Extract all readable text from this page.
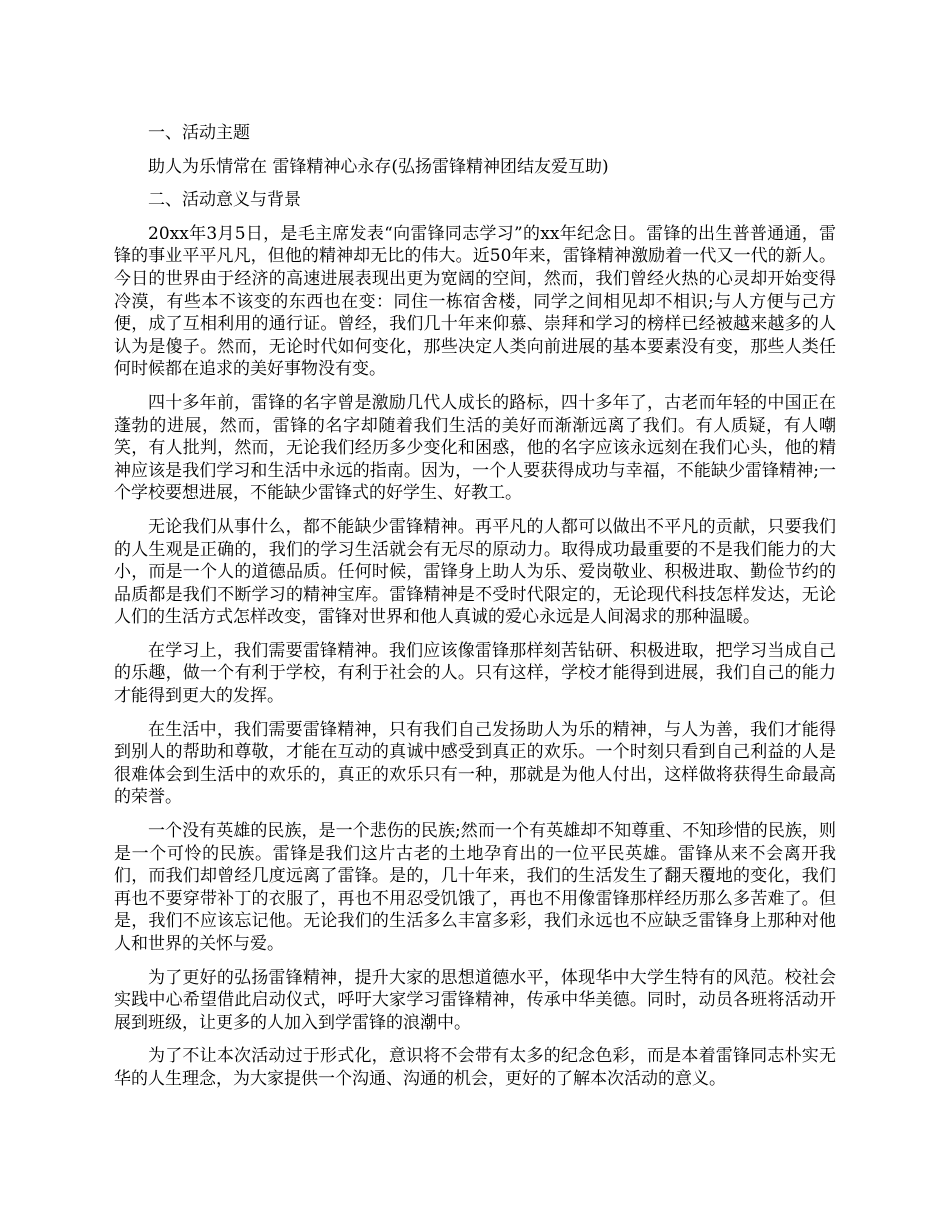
一、活动主题

助人为乐情常在 雷锋精神心永存(弘扬雷锋精神团结友爱互助)

二、活动意义与背景

20xx年3月5日，是毛主席发表“向雷锋同志学习”的xx年纪念日。雷锋的出生普普通通，雷锋的事业平平凡凡，但他的精神却无比的伟大。近50年来，雷锋精神激励着一代又一代的新人。今日的世界由于经济的高速进展表现出更为宽阔的空间，然而，我们曾经火热的心灵却开始变得冷漠，有些本不该变的东西也在变：同住一栋宿舍楼，同学之间相见却不相识;与人方便与己方便，成了互相利用的通行证。曾经，我们几十年来仰慕、崇拜和学习的榜样已经被越来越多的人认为是傻子。然而，无论时代如何变化，那些决定人类向前进展的基本要素没有变，那些人类任何时候都在追求的美好事物没有变。

四十多年前，雷锋的名字曾是激励几代人成长的路标，四十多年了，古老而年轻的中国正在蓬勃的进展，然而，雷锋的名字却随着我们生活的美好而渐渐远离了我们。有人质疑，有人嘲笑，有人批判，然而，无论我们经历多少变化和困惑，他的名字应该永远刻在我们心头，他的精神应该是我们学习和生活中永远的指南。因为，一个人要获得成功与幸福，不能缺少雷锋精神;一个学校要想进展，不能缺少雷锋式的好学生、好教工。

无论我们从事什么，都不能缺少雷锋精神。再平凡的人都可以做出不平凡的贡献，只要我们的人生观是正确的，我们的学习生活就会有无尽的原动力。取得成功最重要的不是我们能力的大小，而是一个人的道德品质。任何时候，雷锋身上助人为乐、爱岗敬业、积极进取、勤俭节约的品质都是我们不断学习的精神宝库。雷锋精神是不受时代限定的，无论现代科技怎样发达，无论人们的生活方式怎样改变，雷锋对世界和他人真诚的爱心永远是人间渴求的那种温暖。

在学习上，我们需要雷锋精神。我们应该像雷锋那样刻苦钻研、积极进取，把学习当成自己的乐趣，做一个有利于学校，有利于社会的人。只有这样，学校才能得到进展，我们自己的能力才能得到更大的发挥。

在生活中，我们需要雷锋精神，只有我们自己发扬助人为乐的精神，与人为善，我们才能得到别人的帮助和尊敬，才能在互动的真诚中感受到真正的欢乐。一个时刻只看到自己利益的人是很难体会到生活中的欢乐的，真正的欢乐只有一种，那就是为他人付出，这样做将获得生命最高的荣誉。

一个没有英雄的民族，是一个悲伤的民族;然而一个有英雄却不知尊重、不知珍惜的民族，则是一个可怜的民族。雷锋是我们这片古老的土地孕育出的一位平民英雄。雷锋从来不会离开我们，而我们却曾经几度远离了雷锋。是的，几十年来，我们的生活发生了翻天覆地的变化，我们再也不要穿带补丁的衣服了，再也不用忍受饥饿了，再也不用像雷锋那样经历那么多苦难了。但是，我们不应该忘记他。无论我们的生活多么丰富多彩，我们永远也不应缺乏雷锋身上那种对他人和世界的关怀与爱。

为了更好的弘扬雷锋精神，提升大家的思想道德水平，体现华中大学生特有的风范。校社会实践中心希望借此启动仪式，呼吁大家学习雷锋精神，传承中华美德。同时，动员各班将活动开展到班级，让更多的人加入到学雷锋的浪潮中。

为了不让本次活动过于形式化，意识将不会带有太多的纪念色彩，而是本着雷锋同志朴实无华的人生理念，为大家提供一个沟通、沟通的机会，更好的了解本次活动的意义。
